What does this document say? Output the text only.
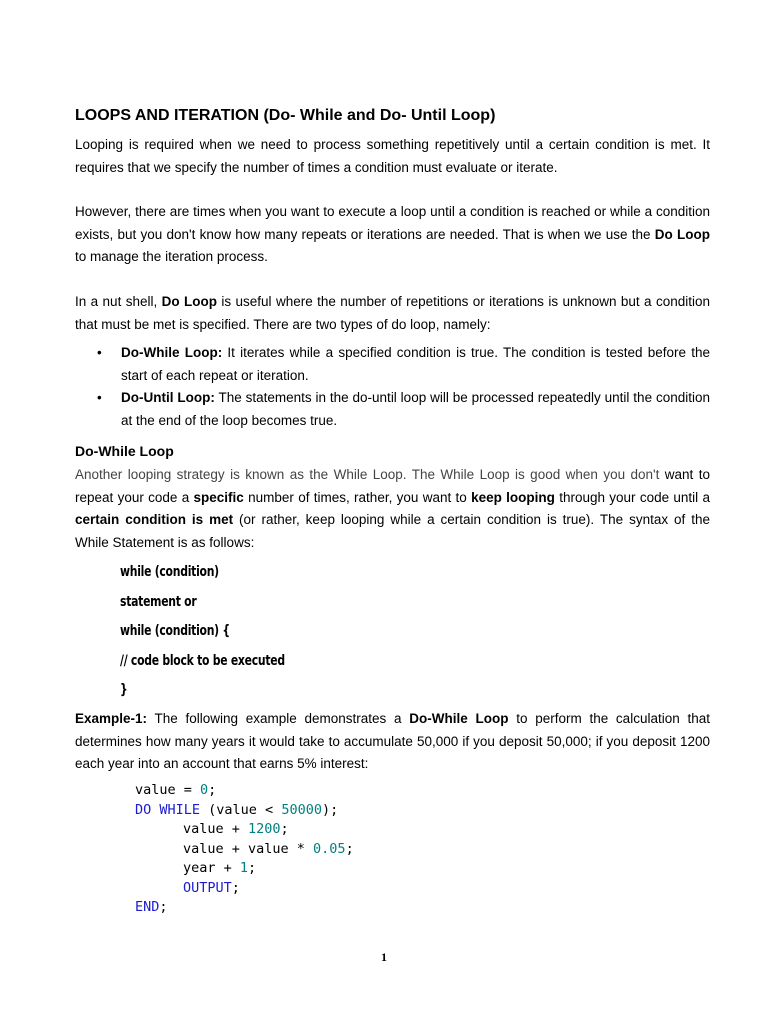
LOOPS AND ITERATION (Do- While and Do- Until Loop)
Looping is required when we need to process something repetitively until a certain condition is met. It requires that we specify the number of times a condition must evaluate or iterate.
However, there are times when you want to execute a loop until a condition is reached or while a condition exists, but you don't know how many repeats or iterations are needed. That is when we use the Do Loop to manage the iteration process.
In a nut shell, Do Loop is useful where the number of repetitions or iterations is unknown but a condition that must be met is specified. There are two types of do loop, namely:
• Do-While Loop: It iterates while a specified condition is true. The condition is tested before the start of each repeat or iteration.
• Do-Until Loop: The statements in the do-until loop will be processed repeatedly until the condition at the end of the loop becomes true.
Do-While Loop
Another looping strategy is known as the While Loop. The While Loop is good when you don't want to repeat your code a specific number of times, rather, you want to keep looping through your code until a certain condition is met (or rather, keep looping while a certain condition is true). The syntax of the While Statement is as follows:
while (condition)
statement or
while (condition) {
// code block to be executed
}
Example-1: The following example demonstrates a Do-While Loop to perform the calculation that determines how many years it would take to accumulate 50,000 if you deposit 50,000; if you deposit 1200 each year into an account that earns 5% interest:
value = 0;
DO WHILE (value < 50000);
value + 1200;
value + value * 0.05;
year + 1;
OUTPUT;
END;
1
